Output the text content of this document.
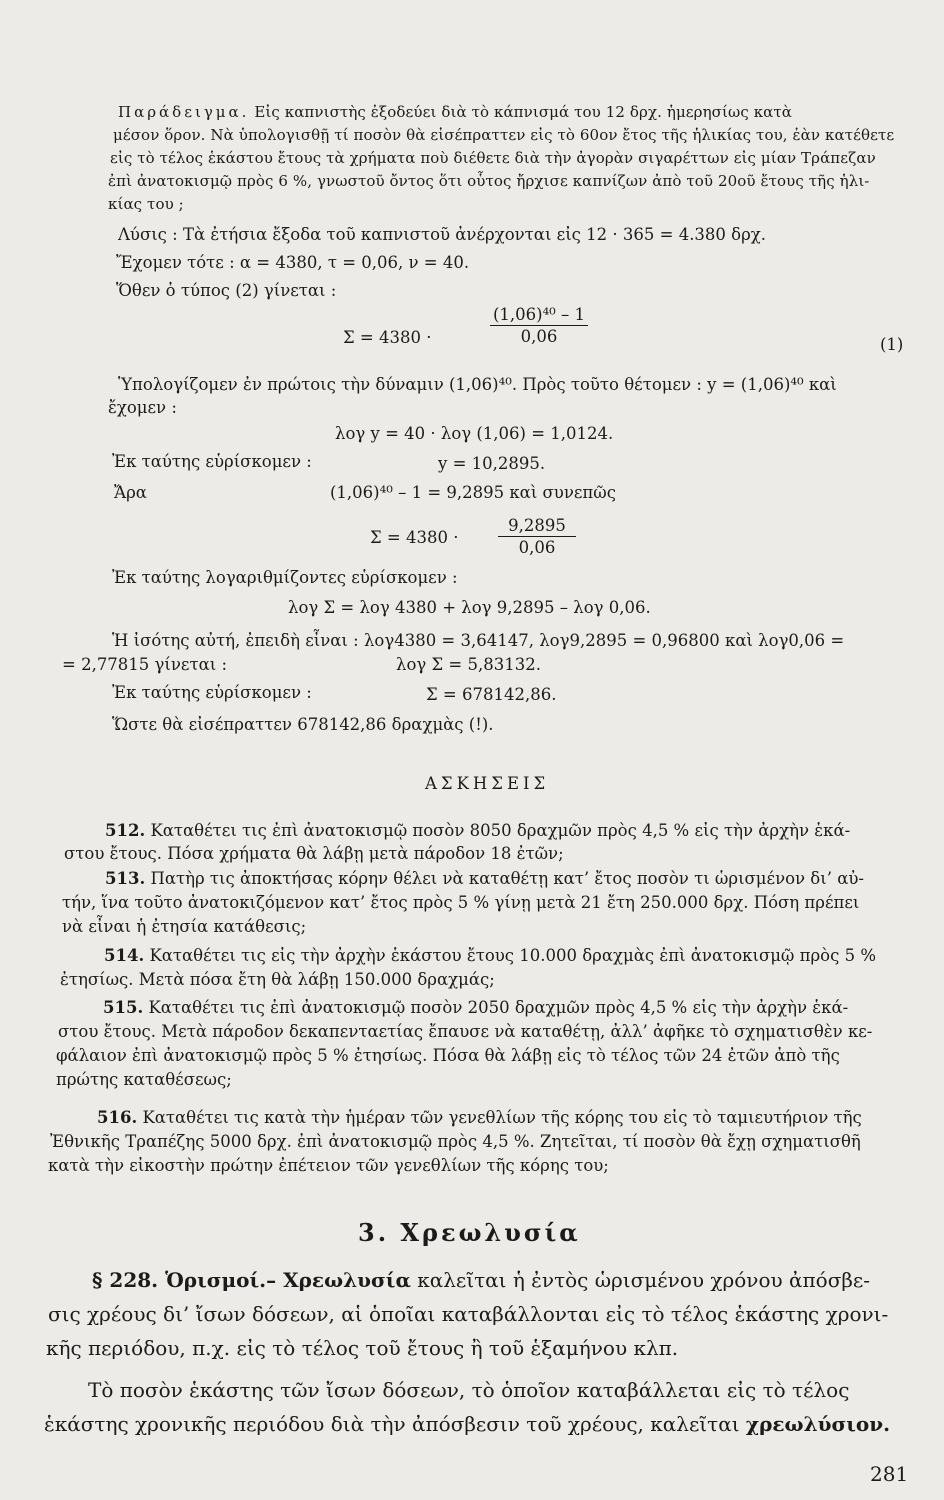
Παράδειγμα. Εἰς καπνιστὴς ἐξοδεύει διὰ τὸ κάπνισμά του 12 δρχ. ἡμερησίως κατὰ
μέσον ὅρον. Νὰ ὑπολογισθῇ τί ποσὸν θὰ εἰσέπραττεν εἰς τὸ 60ον ἔτος τῆς ἡλικίας του, ἐὰν κατέθετε
εἰς τὸ τέλος ἑκάστου ἔτους τὰ χρήματα ποὺ διέθετε διὰ τὴν ἀγορὰν σιγαρέττων εἰς μίαν Τράπεζαν
ἐπὶ ἀνατοκισμῷ πρὸς 6 %, γνωστοῦ ὄντος ὅτι οὗτος ἤρχισε καπνίζων ἀπὸ τοῦ 20οῦ ἔτους τῆς ἡλι-
κίας του ;
Λύσις : Τὰ ἐτήσια ἔξοδα τοῦ καπνιστοῦ ἀνέρχονται εἰς 12 · 365 = 4.380 δρχ.
Ἔχομεν τότε : α = 4380, τ = 0,06, ν = 40.
Ὅθεν ὁ τύπος (2) γίνεται :
Σ = 4380 ·	$\frac{\text{(1,06)⁴⁰ – 1}}{0,06}$	(1)
Ὑπολογίζομεν ἐν πρώτοις τὴν δύναμιν (1,06)⁴⁰. Πρὸς τοῦτο θέτομεν : y = (1,06)⁴⁰ καὶ
ἔχομεν :
λογ y = 40 · λογ (1,06) = 1,0124.
Ἐκ ταύτης εὑρίσκομεν :	y = 10,2895.
Ἄρα	(1,06)⁴⁰ – 1 = 9,2895 καὶ συνεπῶς
$\Sigma = 4380 \cdot \frac{9,2895}{0,06}$
Ἐκ ταύτης λογαριθμίζοντες εὑρίσκομεν :
λογ Σ = λογ 4380 + λογ 9,2895 – λογ 0,06.
Ἡ ἰσότης αὐτή, ἐπειδὴ εἶναι : λογ4380 = 3,64147, λογ9,2895 = 0,96800 καὶ λογ0,06 =
= 2,77815 γίνεται :	λογ Σ = 5,83132.
Ἐκ ταύτης εὑρίσκομεν :	Σ = 678142,86.
Ὥστε θὰ εἰσέπραττεν 678142,86 δραχμὰς (!).
ΑΣΚΗΣΕΙΣ
512. Καταθέτει τις ἐπὶ ἀνατοκισμῷ ποσὸν 8050 δραχμῶν πρὸς 4,5 % εἰς τὴν ἀρχὴν ἑκά-
στου ἔτους. Πόσα χρήματα θὰ λάβῃ μετὰ πάροδον 18 ἐτῶν;
513. Πατὴρ τις ἀποκτήσας κόρην θέλει νὰ καταθέτῃ κατ’ ἔτος ποσὸν τι ὡρισμένον δι’ αὐ-
τήν, ἵνα τοῦτο ἀνατοκιζόμενον κατ’ ἔτος πρὸς 5 % γίνῃ μετὰ 21 ἔτη 250.000 δρχ. Πόση πρέπει
νὰ εἶναι ἡ ἐτησία κατάθεσις;
514. Καταθέτει τις εἰς τὴν ἀρχὴν ἑκάστου ἔτους 10.000 δραχμὰς ἐπὶ ἀνατοκισμῷ πρὸς 5 %
ἐτησίως. Μετὰ πόσα ἔτη θὰ λάβῃ 150.000 δραχμάς;
515. Καταθέτει τις ἐπὶ ἀνατοκισμῷ ποσὸν 2050 δραχμῶν πρὸς 4,5 % εἰς τὴν ἀρχὴν ἑκά-
στου ἔτους. Μετὰ πάροδον δεκαπενταετίας ἔπαυσε νὰ καταθέτῃ, ἀλλ’ ἀφῆκε τὸ σχηματισθὲν κε-
φάλαιον ἐπὶ ἀνατοκισμῷ πρὸς 5 % ἐτησίως. Πόσα θὰ λάβῃ εἰς τὸ τέλος τῶν 24 ἐτῶν ἀπὸ τῆς
πρώτης καταθέσεως;
516. Καταθέτει τις κατὰ τὴν ἡμέραν τῶν γενεθλίων τῆς κόρης του εἰς τὸ ταμιευτήριον τῆς
Ἐθνικῆς Τραπέζης 5000 δρχ. ἐπὶ ἀνατοκισμῷ πρὸς 4,5 %. Ζητεῖται, τί ποσὸν θὰ ἔχῃ σχηματισθῆ
κατὰ τὴν εἰκοστὴν πρώτην ἐπέτειον τῶν γενεθλίων τῆς κόρης του;
3. Χρεωλυσία
§ 228. Ὁρισμοί.– Χρεωλυσία καλεῖται ἡ ἐντὸς ὡρισμένου χρόνου ἀπόσβε-
σις χρέους δι’ ἴσων δόσεων, αἱ ὁποῖαι καταβάλλονται εἰς τὸ τέλος ἑκάστης χρονι-
κῆς περιόδου, π.χ. εἰς τὸ τέλος τοῦ ἔτους ἢ τοῦ ἑξαμήνου κλπ.
Τὸ ποσὸν ἑκάστης τῶν ἴσων δόσεων, τὸ ὁποῖον καταβάλλεται εἰς τὸ τέλος
ἑκάστης χρονικῆς περιόδου διὰ τὴν ἀπόσβεσιν τοῦ χρέους, καλεῖται χρεωλύσιον.
281
